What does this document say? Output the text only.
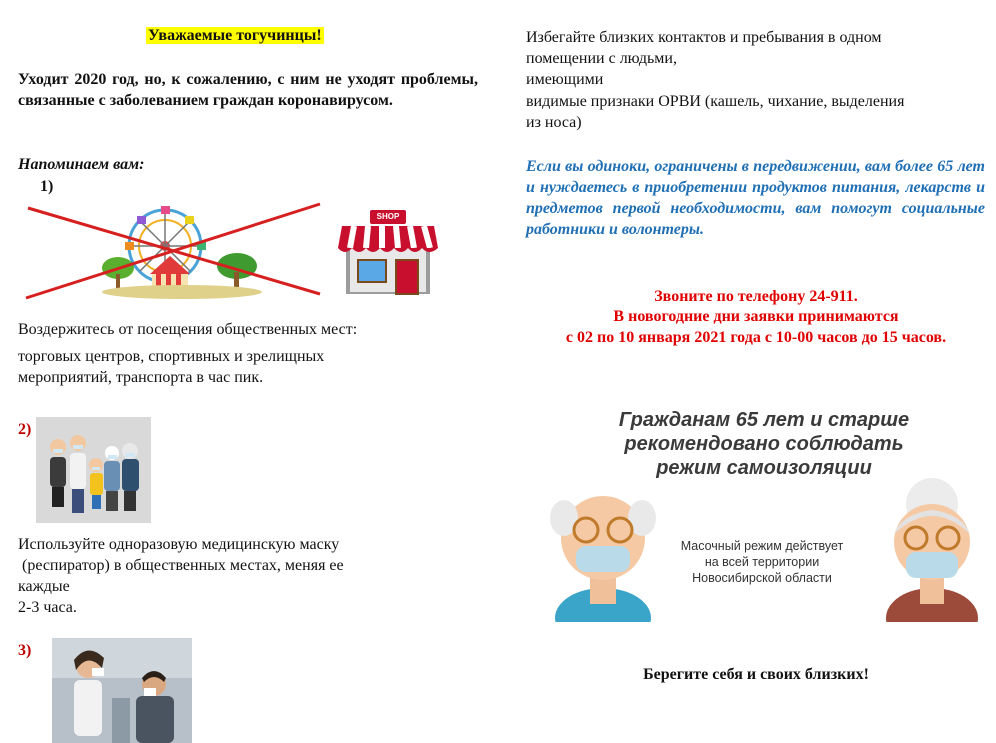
Уважаемые тогучинцы!
Уходит 2020 год, но, к сожалению, с ним не уходят проблемы, связанные с заболеванием граждан коронавирусом.
Напоминаем вам:
1)
SHOP
Воздержитесь от посещения общественных мест:
торговых центров, спортивных и зрелищных
мероприятий, транспорта в час пик.
2)
Используйте одноразовую медицинскую маску
(респиратор) в общественных местах, меняя ее
каждые
2-3 часа.
3)
Избегайте близких контактов и пребывания в одном
помещении с людьми,
имеющими
видимые признаки ОРВИ (кашель, чихание, выделения
из носа)
Если вы одиноки, ограничены в передвижении, вам более 65 лет и нуждаетесь в приобретении продуктов питания, лекарств и предметов первой необходимости, вам помогут социальные работники и волонтеры.
Звоните по телефону 24-911.
В новогодние дни заявки принимаются
с 02 по 10 января 2021 года с 10-00 часов до 15 часов.
Гражданам 65 лет и старше
рекомендовано соблюдать
режим самоизоляции
Масочный режим действует
на всей территории
Новосибирской области
Берегите себя и своих близких!
